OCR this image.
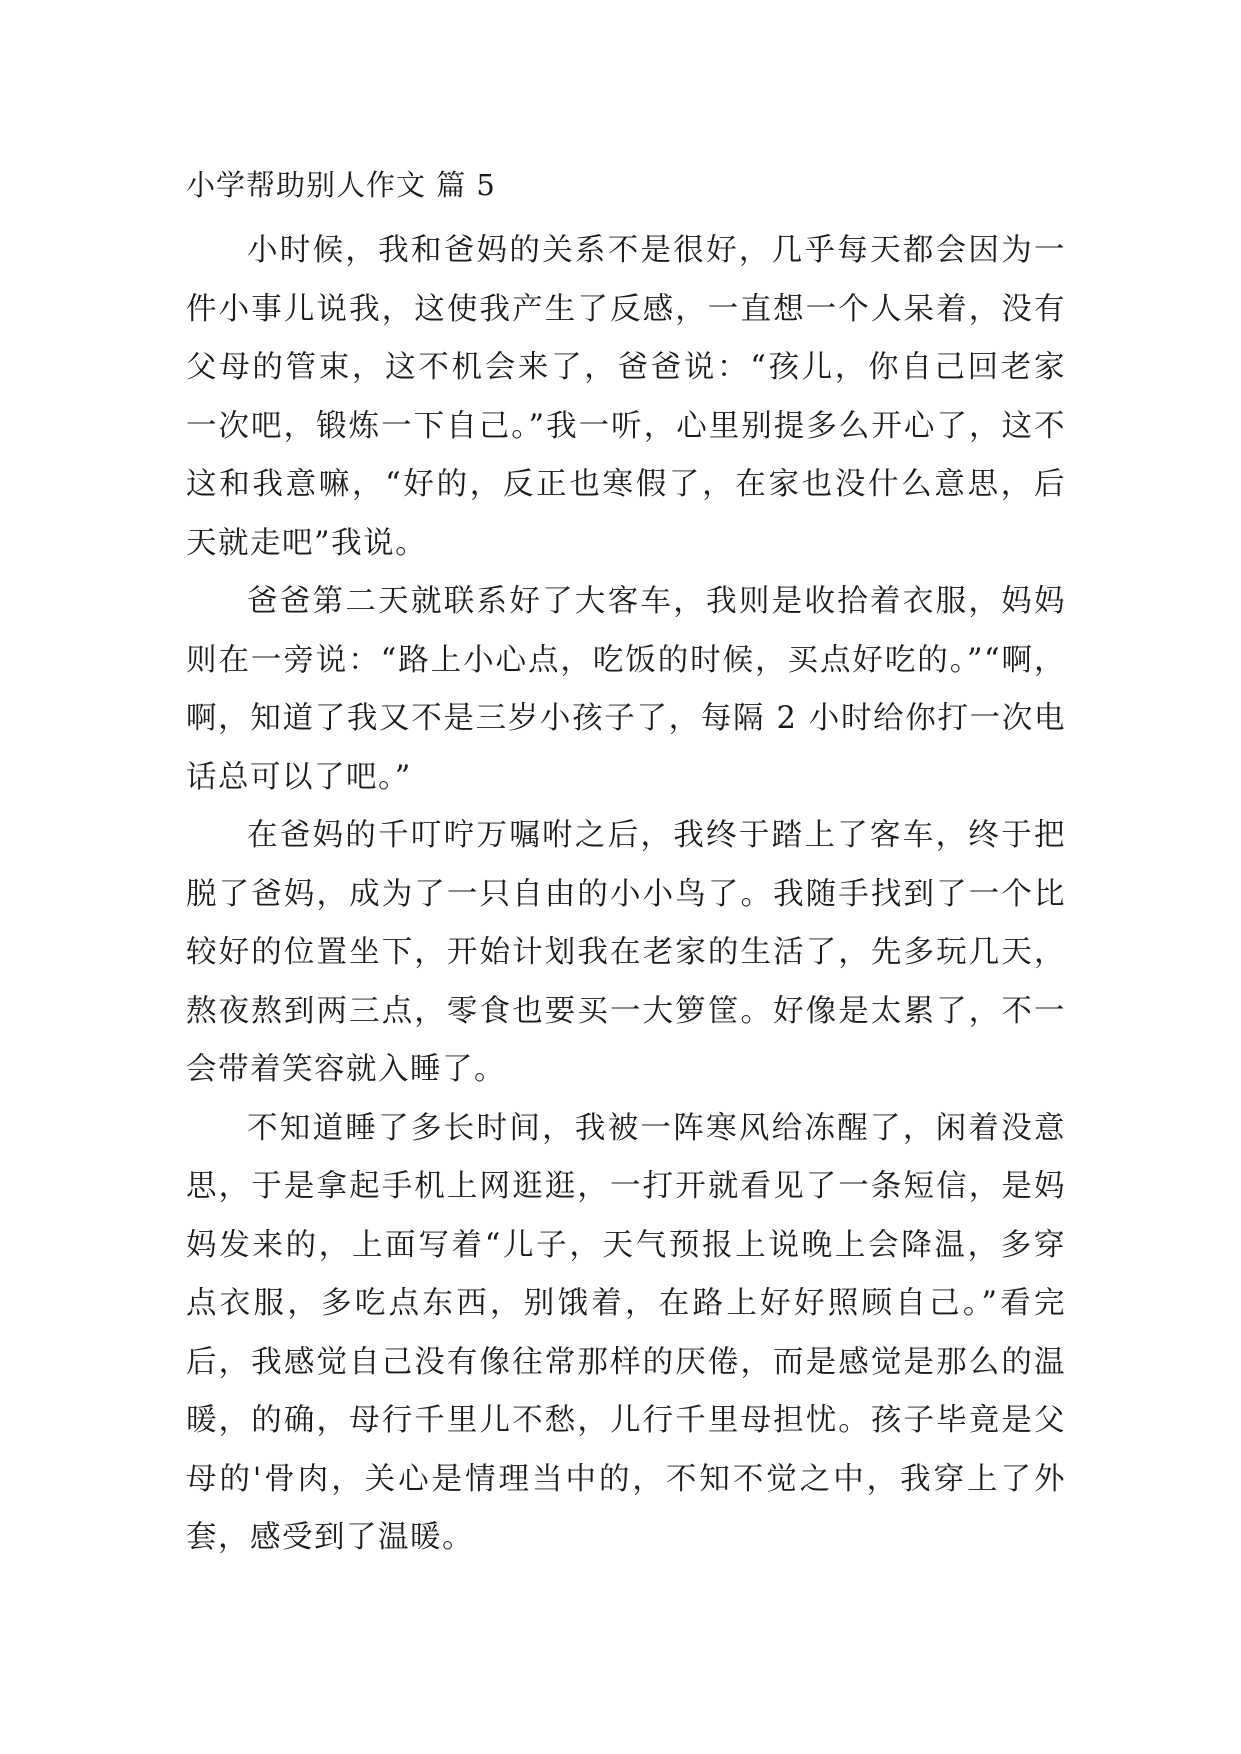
小学帮助别人作文 篇 5

小时候，我和爸妈的关系不是很好，几乎每天都会因为一件小事儿说我，这使我产生了反感，一直想一个人呆着，没有父母的管束，这不机会来了，爸爸说：“孩儿，你自己回老家一次吧，锻炼一下自己。”我一听，心里别提多么开心了，这不这和我意嘛，“好的，反正也寒假了，在家也没什么意思，后天就走吧”我说。

爸爸第二天就联系好了大客车，我则是收拾着衣服，妈妈则在一旁说：“路上小心点，吃饭的时候，买点好吃的。”“啊，啊，知道了我又不是三岁小孩子了，每隔 2 小时给你打一次电话总可以了吧。”

在爸妈的千叮咛万嘱咐之后，我终于踏上了客车，终于把脱了爸妈，成为了一只自由的小小鸟了。我随手找到了一个比较好的位置坐下，开始计划我在老家的生活了，先多玩几天，熬夜熬到两三点，零食也要买一大箩筐。好像是太累了，不一会带着笑容就入睡了。

不知道睡了多长时间，我被一阵寒风给冻醒了，闲着没意思，于是拿起手机上网逛逛，一打开就看见了一条短信，是妈妈发来的，上面写着“儿子，天气预报上说晚上会降温，多穿点衣服，多吃点东西，别饿着，在路上好好照顾自己。”看完后，我感觉自己没有像往常那样的厌倦，而是感觉是那么的温暖，的确，母行千里儿不愁，儿行千里母担忧。孩子毕竟是父母的'骨肉，关心是情理当中的，不知不觉之中，我穿上了外套，感受到了温暖。
